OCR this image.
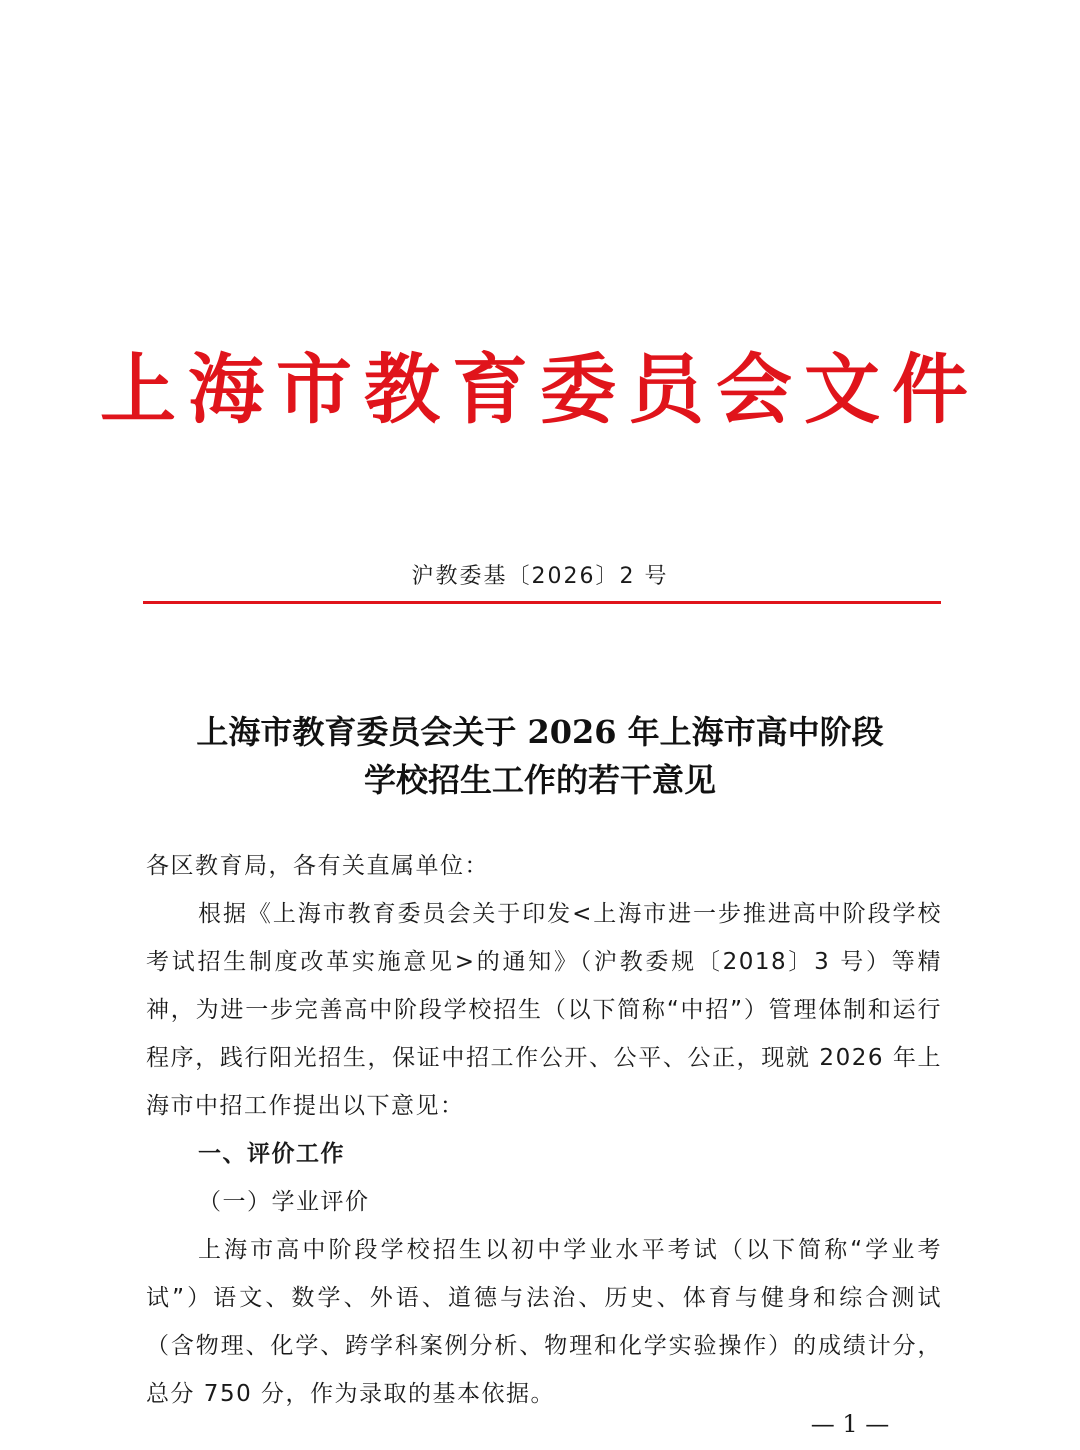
上海市教育委员会文件
沪教委基〔2026〕2 号
上海市教育委员会关于 2026 年上海市高中阶段
学校招生工作的若干意见

各区教育局，各有关直属单位：

根据《上海市教育委员会关于印发<上海市进一步推进高中阶段学校考试招生制度改革实施意见>的通知》（沪教委规〔2018〕3 号）等精神，为进一步完善高中阶段学校招生（以下简称“中招”）管理体制和运行程序，践行阳光招生，保证中招工作公开、公平、公正，现就 2026 年上海市中招工作提出以下意见：

一、评价工作

（一）学业评价

上海市高中阶段学校招生以初中学业水平考试（以下简称“学业考试”）语文、数学、外语、道德与法治、历史、体育与健身和综合测试（含物理、化学、跨学科案例分析、物理和化学实验操作）的成绩计分，总分 750 分，作为录取的基本依据。

— 1 —
